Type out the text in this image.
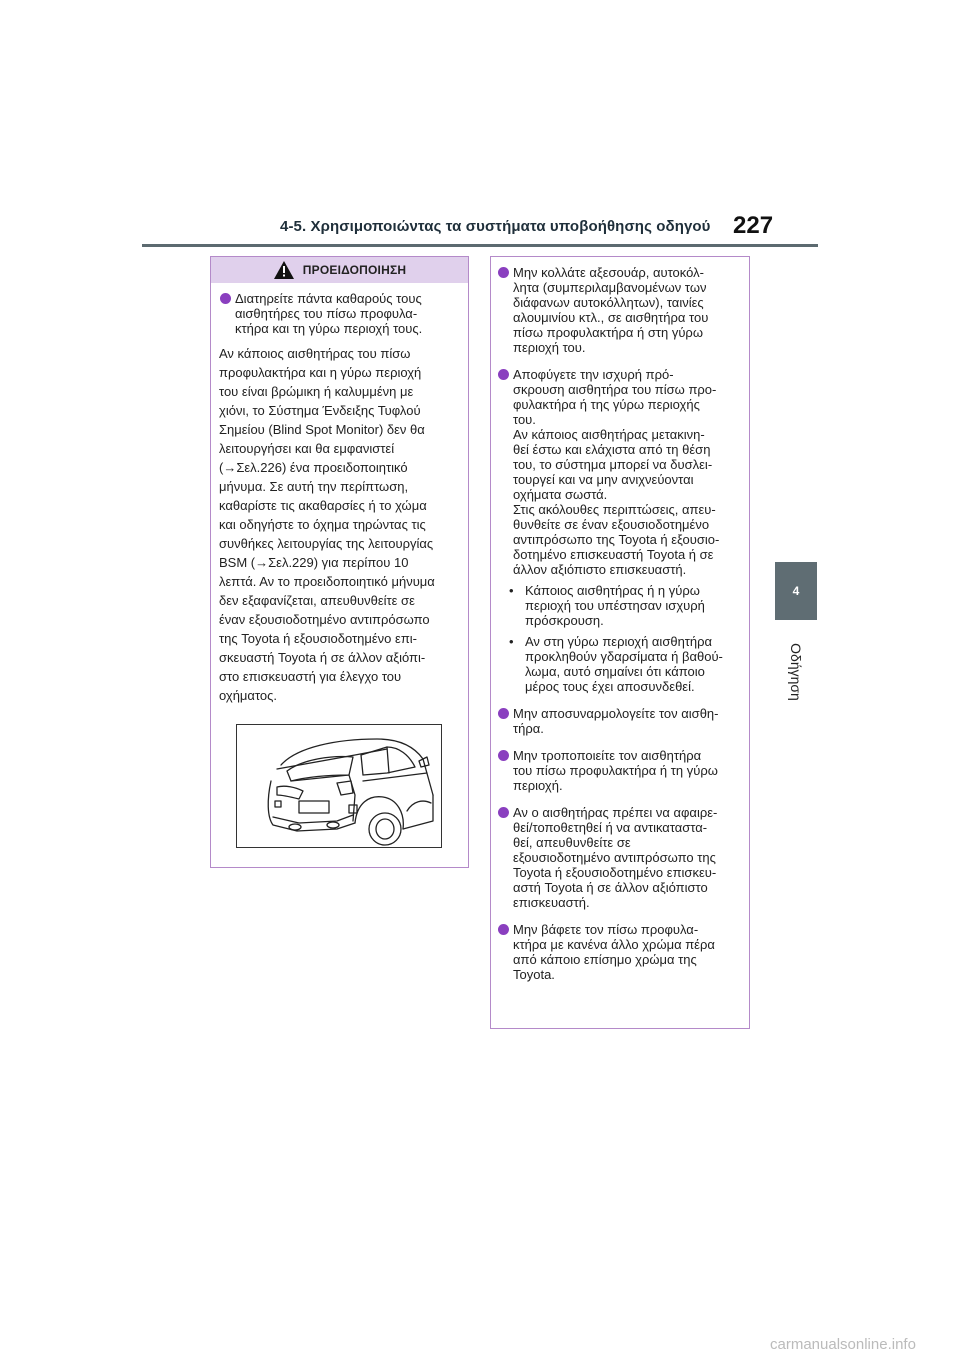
4-5. Χρησιμοποιώντας τα συστήματα υποβοήθησης οδηγού 227
4
Οδήγηση
ΠΡΟΕΙΔΟΠΟΙΗΣΗ
Διατηρείτε πάντα καθαρούς τους
αισθητήρες του πίσω προφυλα-
κτήρα και τη γύρω περιοχή τους.
Αν κάποιος αισθητήρας του πίσω
προφυλακτήρα και η γύρω περιοχή
του είναι βρώμικη ή καλυμμένη με
χιόνι, το Σύστημα Ένδειξης Τυφλού
Σημείου (Blind Spot Monitor) δεν θα
λειτουργήσει και θα εμφανιστεί
(→Σελ.226) ένα προειδοποιητικό
μήνυμα. Σε αυτή την περίπτωση,
καθαρίστε τις ακαθαρσίες ή το χώμα
και οδηγήστε το όχημα τηρώντας τις
συνθήκες λειτουργίας της λειτουργίας
BSM (→Σελ.229) για περίπου 10
λεπτά. Αν το προειδοποιητικό μήνυμα
δεν εξαφανίζεται, απευθυνθείτε σε
έναν εξουσιοδοτημένο αντιπρόσωπο
της Toyota ή εξουσιοδοτημένο επι-
σκευαστή Toyota ή σε άλλον αξιόπι-
στο επισκευαστή για έλεγχο του
οχήματος.
Μην κολλάτε αξεσουάρ, αυτοκόλ-
λητα (συμπεριλαμβανομένων των
διάφανων αυτοκόλλητων), ταινίες
αλουμινίου κτλ., σε αισθητήρα του
πίσω προφυλακτήρα ή στη γύρω
περιοχή του.
Αποφύγετε την ισχυρή πρό-
σκρουση αισθητήρα του πίσω προ-
φυλακτήρα ή της γύρω περιοχής
του.
Αν κάποιος αισθητήρας μετακινη-
θεί έστω και ελάχιστα από τη θέση
του, το σύστημα μπορεί να δυσλει-
τουργεί και να μην ανιχνεύονται
οχήματα σωστά.
Στις ακόλουθες περιπτώσεις, απευ-
θυνθείτε σε έναν εξουσιοδοτημένο
αντιπρόσωπο της Toyota ή εξουσιο-
δοτημένο επισκευαστή Toyota ή σε
άλλον αξιόπιστο επισκευαστή.
• Κάποιος αισθητήρας ή η γύρω
περιοχή του υπέστησαν ισχυρή
πρόσκρουση.
• Αν στη γύρω περιοχή αισθητήρα
προκληθούν γδαρσίματα ή βαθού-
λωμα, αυτό σημαίνει ότι κάποιο
μέρος τους έχει αποσυνδεθεί.
Μην αποσυναρμολογείτε τον αισθη-
τήρα.
Μην τροποποιείτε τον αισθητήρα
του πίσω προφυλακτήρα ή τη γύρω
περιοχή.
Αν ο αισθητήρας πρέπει να αφαιρε-
θεί/τοποθετηθεί ή να αντικαταστα-
θεί, απευθυνθείτε σε
εξουσιοδοτημένο αντιπρόσωπο της
Toyota ή εξουσιοδοτημένο επισκευ-
αστή Toyota ή σε άλλον αξιόπιστο
επισκευαστή.
Μην βάφετε τον πίσω προφυλα-
κτήρα με κανένα άλλο χρώμα πέρα
από κάποιο επίσημο χρώμα της
Toyota.
carmanualsonline.info
